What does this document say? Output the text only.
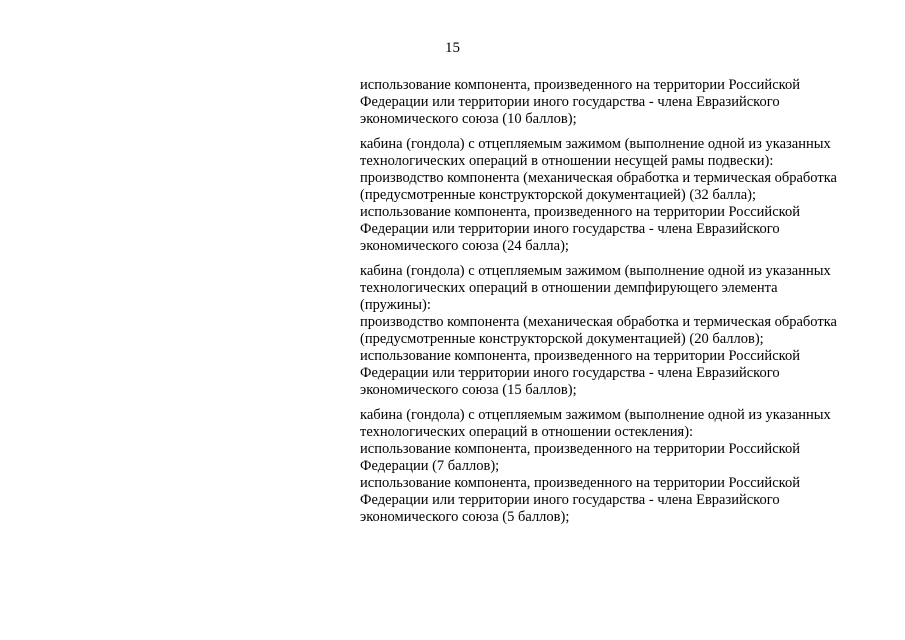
15
использование компонента, произведенного на территории Российской
Федерации или территории иного государства - члена Евразийского
экономического союза (10 баллов);
кабина (гондола) с отцепляемым зажимом (выполнение одной из указанных
технологических операций в отношении несущей рамы подвески):
производство компонента (механическая обработка и термическая обработка
(предусмотренные конструкторской документацией) (32 балла);
использование компонента, произведенного на территории Российской
Федерации или территории иного государства - члена Евразийского
экономического союза (24 балла);
кабина (гондола) с отцепляемым зажимом (выполнение одной из указанных
технологических операций в отношении демпфирующего элемента
(пружины):
производство компонента (механическая обработка и термическая обработка
(предусмотренные конструкторской документацией) (20 баллов);
использование компонента, произведенного на территории Российской
Федерации или территории иного государства - члена Евразийского
экономического союза (15 баллов);
кабина (гондола) с отцепляемым зажимом (выполнение одной из указанных
технологических операций в отношении остекления):
использование компонента, произведенного на территории Российской
Федерации (7 баллов);
использование компонента, произведенного на территории Российской
Федерации или территории иного государства - члена Евразийского
экономического союза (5 баллов);
